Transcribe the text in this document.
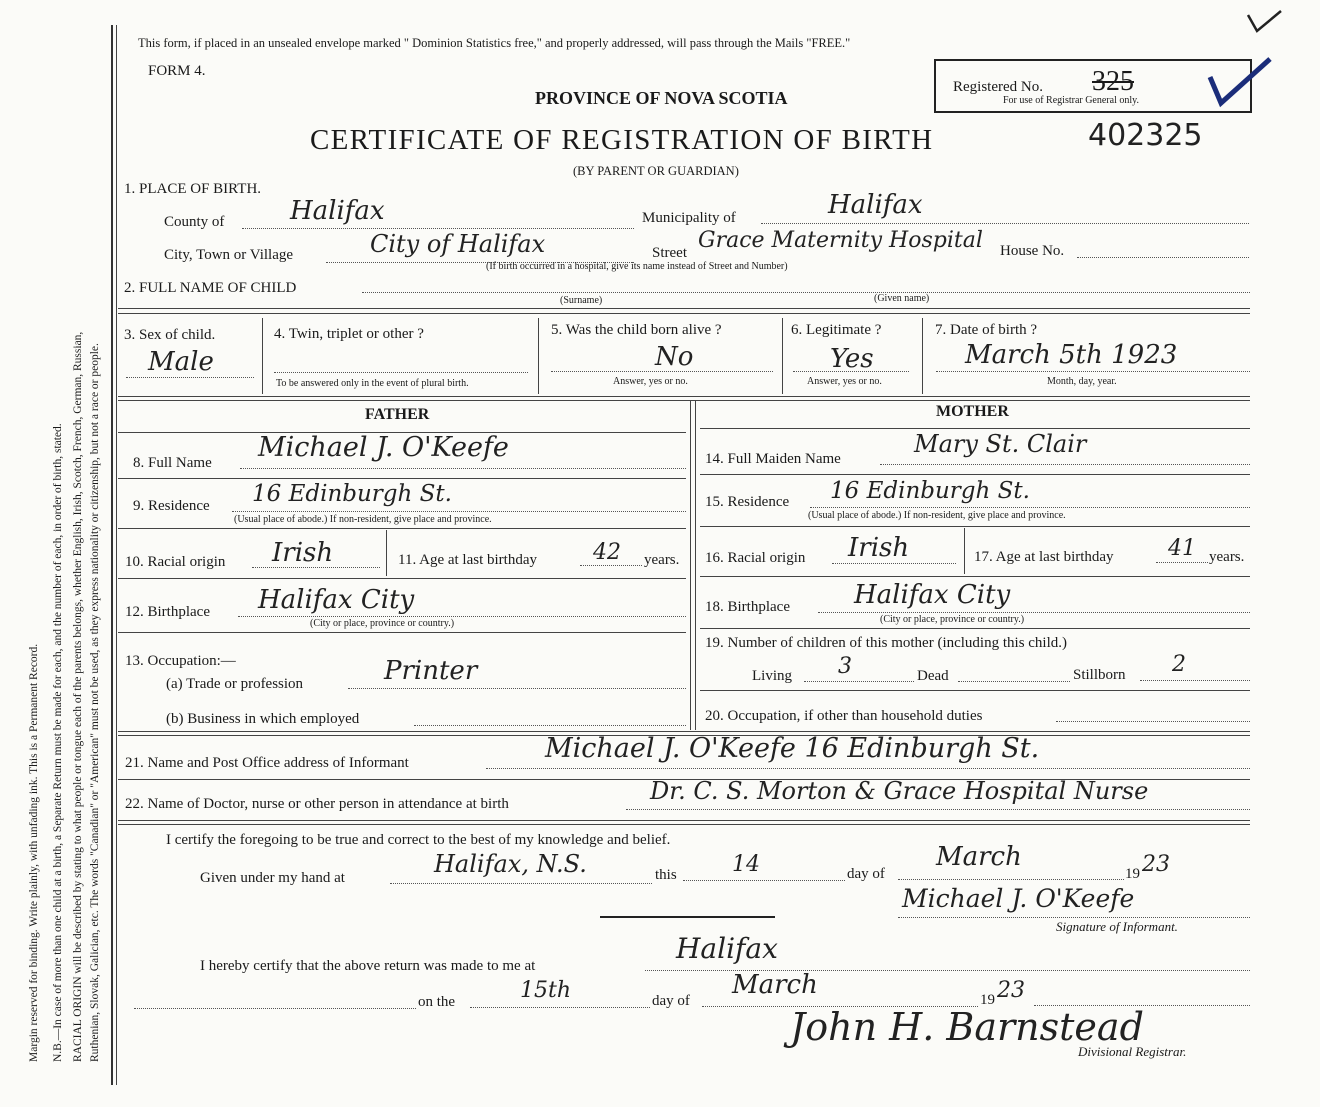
Margin reserved for binding. Write plainly, with unfading ink. This is a Permanent Record. N.B.—In case of more than one child at a birth, a Separate Return must be made for each, and the number of each, in order of birth, stated. RACIAL ORIGIN will be described by stating to what people or tongue each of the parents belongs, whether English, Irish, Scotch, French, German, Russian, Ruthenian, Slovak, Galician, etc. The words "Canadian" or "American" must not be used, as they express nationality or citizenship, but not a race or people.
This form, if placed in an unsealed envelope marked " Dominion Statistics free," and properly addressed, will pass through the Mails "FREE."
FORM 4.
PROVINCE OF NOVA SCOTIA
CERTIFICATE OF REGISTRATION OF BIRTH
(BY PARENT OR GUARDIAN)
402325
Registered No. 325
For use of Registrar General only.
1. PLACE OF BIRTH.
County of	Halifax	Municipality of	Halifax
City, Town or Village	City of Halifax	Street Grace Maternity Hospital House No.
(If birth occurred in a hospital, give its name instead of Street and Number)
2. FULL NAME OF CHILD
(Surname)	(Given name)
3. Sex of child.
Male
4. Twin, triplet or other ?
To be answered only in the event of plural birth.
5. Was the child born alive ?
No
Answer, yes or no.
6. Legitimate ?
Yes
Answer, yes or no.
7. Date of birth ?
March 5th 1923
Month, day, year.
FATHER
8. Full Name Michael J. O'Keefe
9. Residence 16 Edinburgh St.
(Usual place of abode.) If non-resident, give place and province.
10. Racial origin Irish	11. Age at last birthday	42 years.
12. Birthplace Halifax City
(City or place, province or country.)
13. Occupation:—
(a) Trade or profession	Printer
(b) Business in which employed
MOTHER
14. Full Maiden Name
Mary St. Clair
15. Residence 16 Edinburgh St.
(Usual place of abode.) If non-resident, give place and province.
16. Racial origin Irish	17. Age at last birthday 41 years.
18. Birthplace Halifax City
(City or place, province or country.)
19. Number of children of this mother (including this child.)
Living 3	Dead	Stillborn 2
20. Occupation, if other than household duties
21. Name and Post Office address of Informant	Michael J. O'Keefe 16 Edinburgh St.
22. Name of Doctor, nurse or other person in attendance at birth	Dr. C. S. Morton & Grace Hospital Nurse
I certify the foregoing to be true and correct to the best of my knowledge and belief.
Given under my hand at	Halifax, N.S.	this	14	day of
March
19 23
Michael J. O'Keefe
Signature of Informant.
I hereby certify that the above return was made to me at
Halifax
on the	15th	day of
March	19 23
John H. Barnstead
Divisional Registrar.
